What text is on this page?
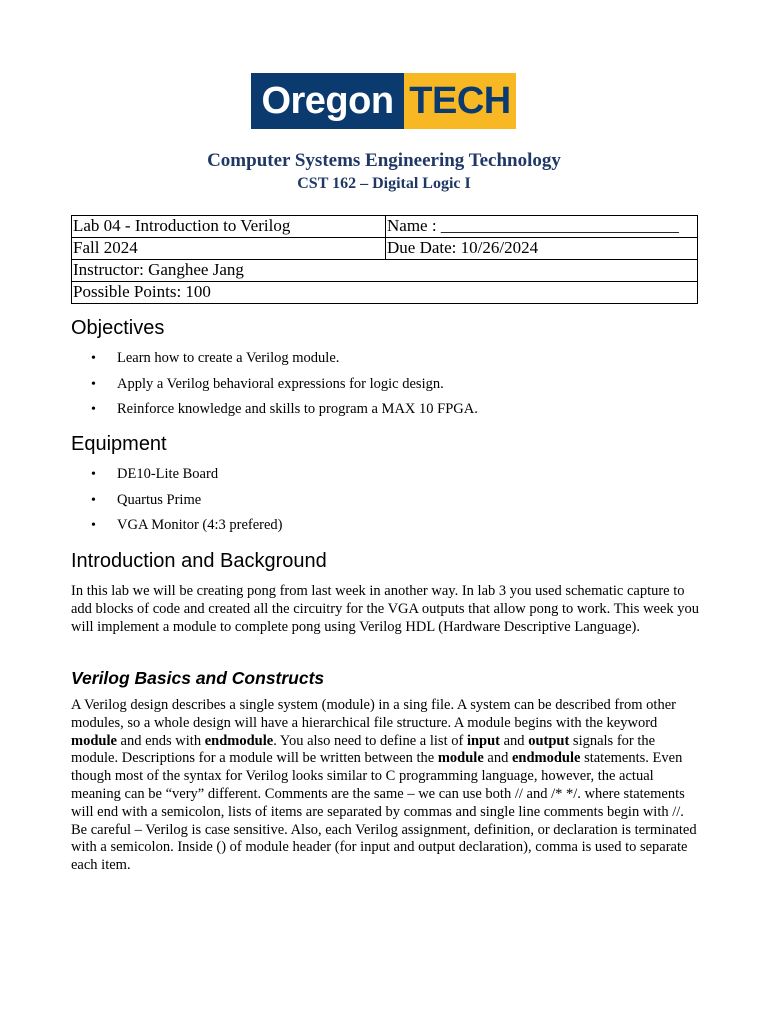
Oregon TECH
Computer Systems Engineering Technology
CST 162 – Digital Logic I
Lab 04 - Introduction to Verilog	Name : ____________________________
Fall 2024	Due Date: 10/26/2024
Instructor: Ganghee Jang	
Possible Points: 100	
Objectives
• Learn how to create a Verilog module.
• Apply a Verilog behavioral expressions for logic design.
• Reinforce knowledge and skills to program a MAX 10 FPGA.
Equipment
• DE10-Lite Board
• Quartus Prime
• VGA Monitor (4:3 prefered)
Introduction and Background

In this lab we will be creating pong from last week in another way. In lab 3 you used schematic capture to add blocks of code and created all the circuitry for the VGA outputs that allow pong to work. This week you will implement a module to complete pong using Verilog HDL (Hardware Descriptive Language).

Verilog Basics and Constructs

A Verilog design describes a single system (module) in a sing file. A system can be described from other modules, so a whole design will have a hierarchical file structure. A module begins with the keyword module and ends with endmodule. You also need to define a list of input and output signals for the module. Descriptions for a module will be written between the module and endmodule statements. Even though most of the syntax for Verilog looks similar to C programming language, however, the actual meaning can be “very” different. Comments are the same – we can use both // and /* */. where statements will end with a semicolon, lists of items are separated by commas and single line comments begin with //. Be careful – Verilog is case sensitive. Also, each Verilog assignment, definition, or declaration is terminated with a semicolon. Inside () of module header (for input and output declaration), comma is used to separate each item.
